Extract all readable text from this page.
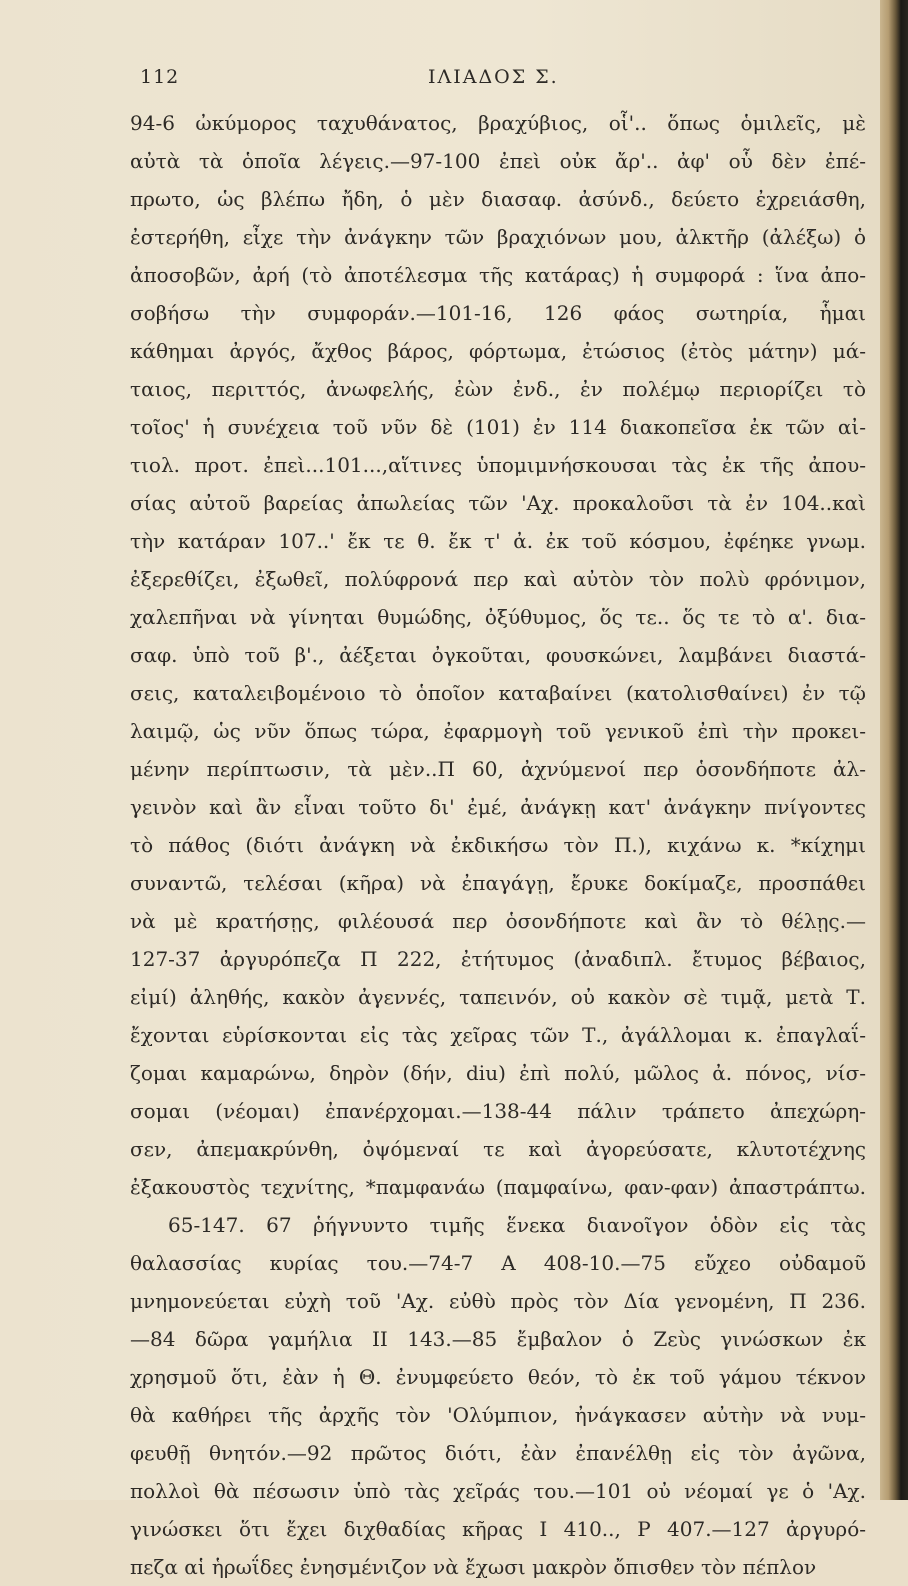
112	ΙΛΙΑΔΟΣ Σ.
94-6 ὠκύμορος ταχυθάνατος, βραχύβιος, οἷ'.. ὅπως ὁμιλεῖς, μὲ
αὐτὰ τὰ ὁποῖα λέγεις.—97-100 ἐπεὶ οὐκ ἄρ'.. ἀφ' οὗ δὲν ἐπέ-
πρωτο, ὡς βλέπω ἤδη, ὁ μὲν διασαφ. ἀσύνδ., δεύετο ἐχρειάσθη,
ἐστερήθη, εἶχε τὴν ἀνάγκην τῶν βραχιόνων μου, ἀλκτῆρ (ἀλέξω) ὁ
ἀποσοβῶν, ἀρή (τὸ ἀποτέλεσμα τῆς κατάρας) ἡ συμφορά : ἵνα ἀπο-
σοβήσω τὴν συμφοράν.—101-16, 126 φάος σωτηρία, ἧμαι
κάθημαι ἀργός, ἄχθος βάρος, φόρτωμα, ἐτώσιος (ἐτὸς μάτην) μά-
ταιος, περιττός, ἀνωφελής, ἐὼν ἐνδ., ἐν πολέμῳ περιορίζει τὸ
τοῖος' ἡ συνέχεια τοῦ νῦν δὲ (101) ἐν 114 διακοπεῖσα ἐκ τῶν αἰ-
τιολ. προτ. ἐπεὶ...101...,αἵτινες ὑπομιμνήσκουσαι τὰς ἐκ τῆς ἀπου-
σίας αὐτοῦ βαρείας ἀπωλείας τῶν 'Αχ. προκαλοῦσι τὰ ἐν 104..καὶ
τὴν κατάραν 107..' ἔκ τε θ. ἔκ τ' ἀ. ἐκ τοῦ κόσμου, ἐφέηκε γνωμ.
ἐξερεθίζει, ἐξωθεῖ, πολύφρονά περ καὶ αὐτὸν τὸν πολὺ φρόνιμον,
χαλεπῆναι νὰ γίνηται θυμώδης, ὀξύθυμος, ὅς τε.. ὅς τε τὸ α'. δια-
σαφ. ὑπὸ τοῦ β'., ἀέξεται ὀγκοῦται, φουσκώνει, λαμβάνει διαστά-
σεις, καταλειβομένοιο τὸ ὁποῖον καταβαίνει (κατολισθαίνει) ἐν τῷ
λαιμῷ, ὡς νῦν ὅπως τώρα, ἐφαρμογὴ τοῦ γενικοῦ ἐπὶ τὴν προκει-
μένην περίπτωσιν, τὰ μὲν..Π 60, ἀχνύμενοί περ ὁσονδήποτε ἀλ-
γεινὸν καὶ ἂν εἶναι τοῦτο δι' ἐμέ, ἀνάγκῃ κατ' ἀνάγκην πνίγοντες
τὸ πάθος (διότι ἀνάγκη νὰ ἐκδικήσω τὸν Π.), κιχάνω κ. *κίχημι
συναντῶ, τελέσαι (κῆρα) νὰ ἐπαγάγῃ, ἔρυκε δοκίμαζε, προσπάθει
νὰ μὲ κρατήσῃς, φιλέουσά περ ὁσονδήποτε καὶ ἂν τὸ θέλῃς.—
127-37 ἀργυρόπεζα Π 222, ἐτήτυμος (ἀναδιπλ. ἔτυμος βέβαιος,
εἰμί) ἀληθής, κακὸν ἀγεννές, ταπεινόν, οὐ κακὸν σὲ τιμᾷ, μετὰ Τ.
ἔχονται εὑρίσκονται εἰς τὰς χεῖρας τῶν Τ., ἀγάλλομαι κ. ἐπαγλαΐ-
ζομαι καμαρώνω, δηρὸν (δήν, diu) ἐπὶ πολύ, μῶλος ἀ. πόνος, νίσ-
σομαι (νέομαι) ἐπανέρχομαι.—138-44 πάλιν τράπετο ἀπεχώρη-
σεν, ἀπεμακρύνθη, ὀψόμεναί τε καὶ ἀγορεύσατε, κλυτοτέχνης
ἐξακουστὸς τεχνίτης, *παμφανάω (παμφαίνω, φαν-φαν) ἀπαστράπτω.
65-147. 67 ῥήγνυντο τιμῆς ἕνεκα διανοῖγον ὁδὸν εἰς τὰς
θαλασσίας κυρίας του.—74-7 Α 408-10.—75 εὔχεο οὐδαμοῦ
μνημονεύεται εὐχὴ τοῦ 'Αχ. εὐθὺ πρὸς τὸν Δία γενομένη, Π 236.
—84 δῶρα γαμήλια ΙΙ 143.—85 ἔμβαλον ὁ Ζεὺς γινώσκων ἐκ
χρησμοῦ ὅτι, ἐὰν ἡ Θ. ἐνυμφεύετο θεόν, τὸ ἐκ τοῦ γάμου τέκνον
θὰ καθήρει τῆς ἀρχῆς τὸν 'Ολύμπιον, ἠνάγκασεν αὐτὴν νὰ νυμ-
φευθῇ θνητόν.—92 πρῶτος διότι, ἐὰν ἐπανέλθῃ εἰς τὸν ἀγῶνα,
πολλοὶ θὰ πέσωσιν ὑπὸ τὰς χεῖράς του.—101 οὐ νέομαί γε ὁ 'Αχ.
γινώσκει ὅτι ἔχει διχθαδίας κῆρας Ι 410.., Ρ 407.—127 ἀργυρό-
πεζα αἱ ἡρωΐδες ἐνησμένιζον νὰ ἔχωσι μακρὸν ὄπισθεν τὸν πέπλον
